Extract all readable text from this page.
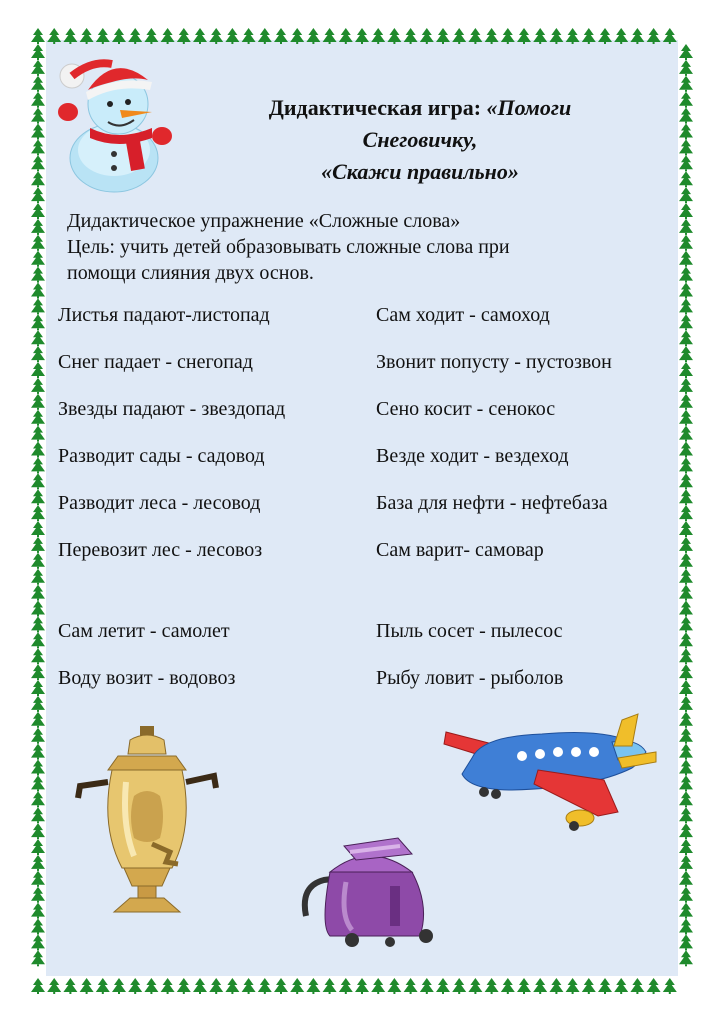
Дидактическая игра: «Помоги
Снеговичку,
«Скажи правильно»
Дидактическое упражнение «Сложные слова»
Цель: учить детей образовывать сложные слова при
помощи слияния двух основ.
Листья падают-листопад
Снег падает - снегопад
Звезды падают - звездопад
Разводит сады - садовод
Разводит леса - лесовод
Перевозит лес - лесовоз
Сам летит - самолет
Воду возит - водовоз
Сам ходит - самоход
Звонит попусту - пустозвон
Сено косит - сенокос
Везде ходит - вездеход
База для нефти - нефтебаза
Сам варит- самовар
Пыль сосет - пылесос
Рыбу ловит - рыболов
